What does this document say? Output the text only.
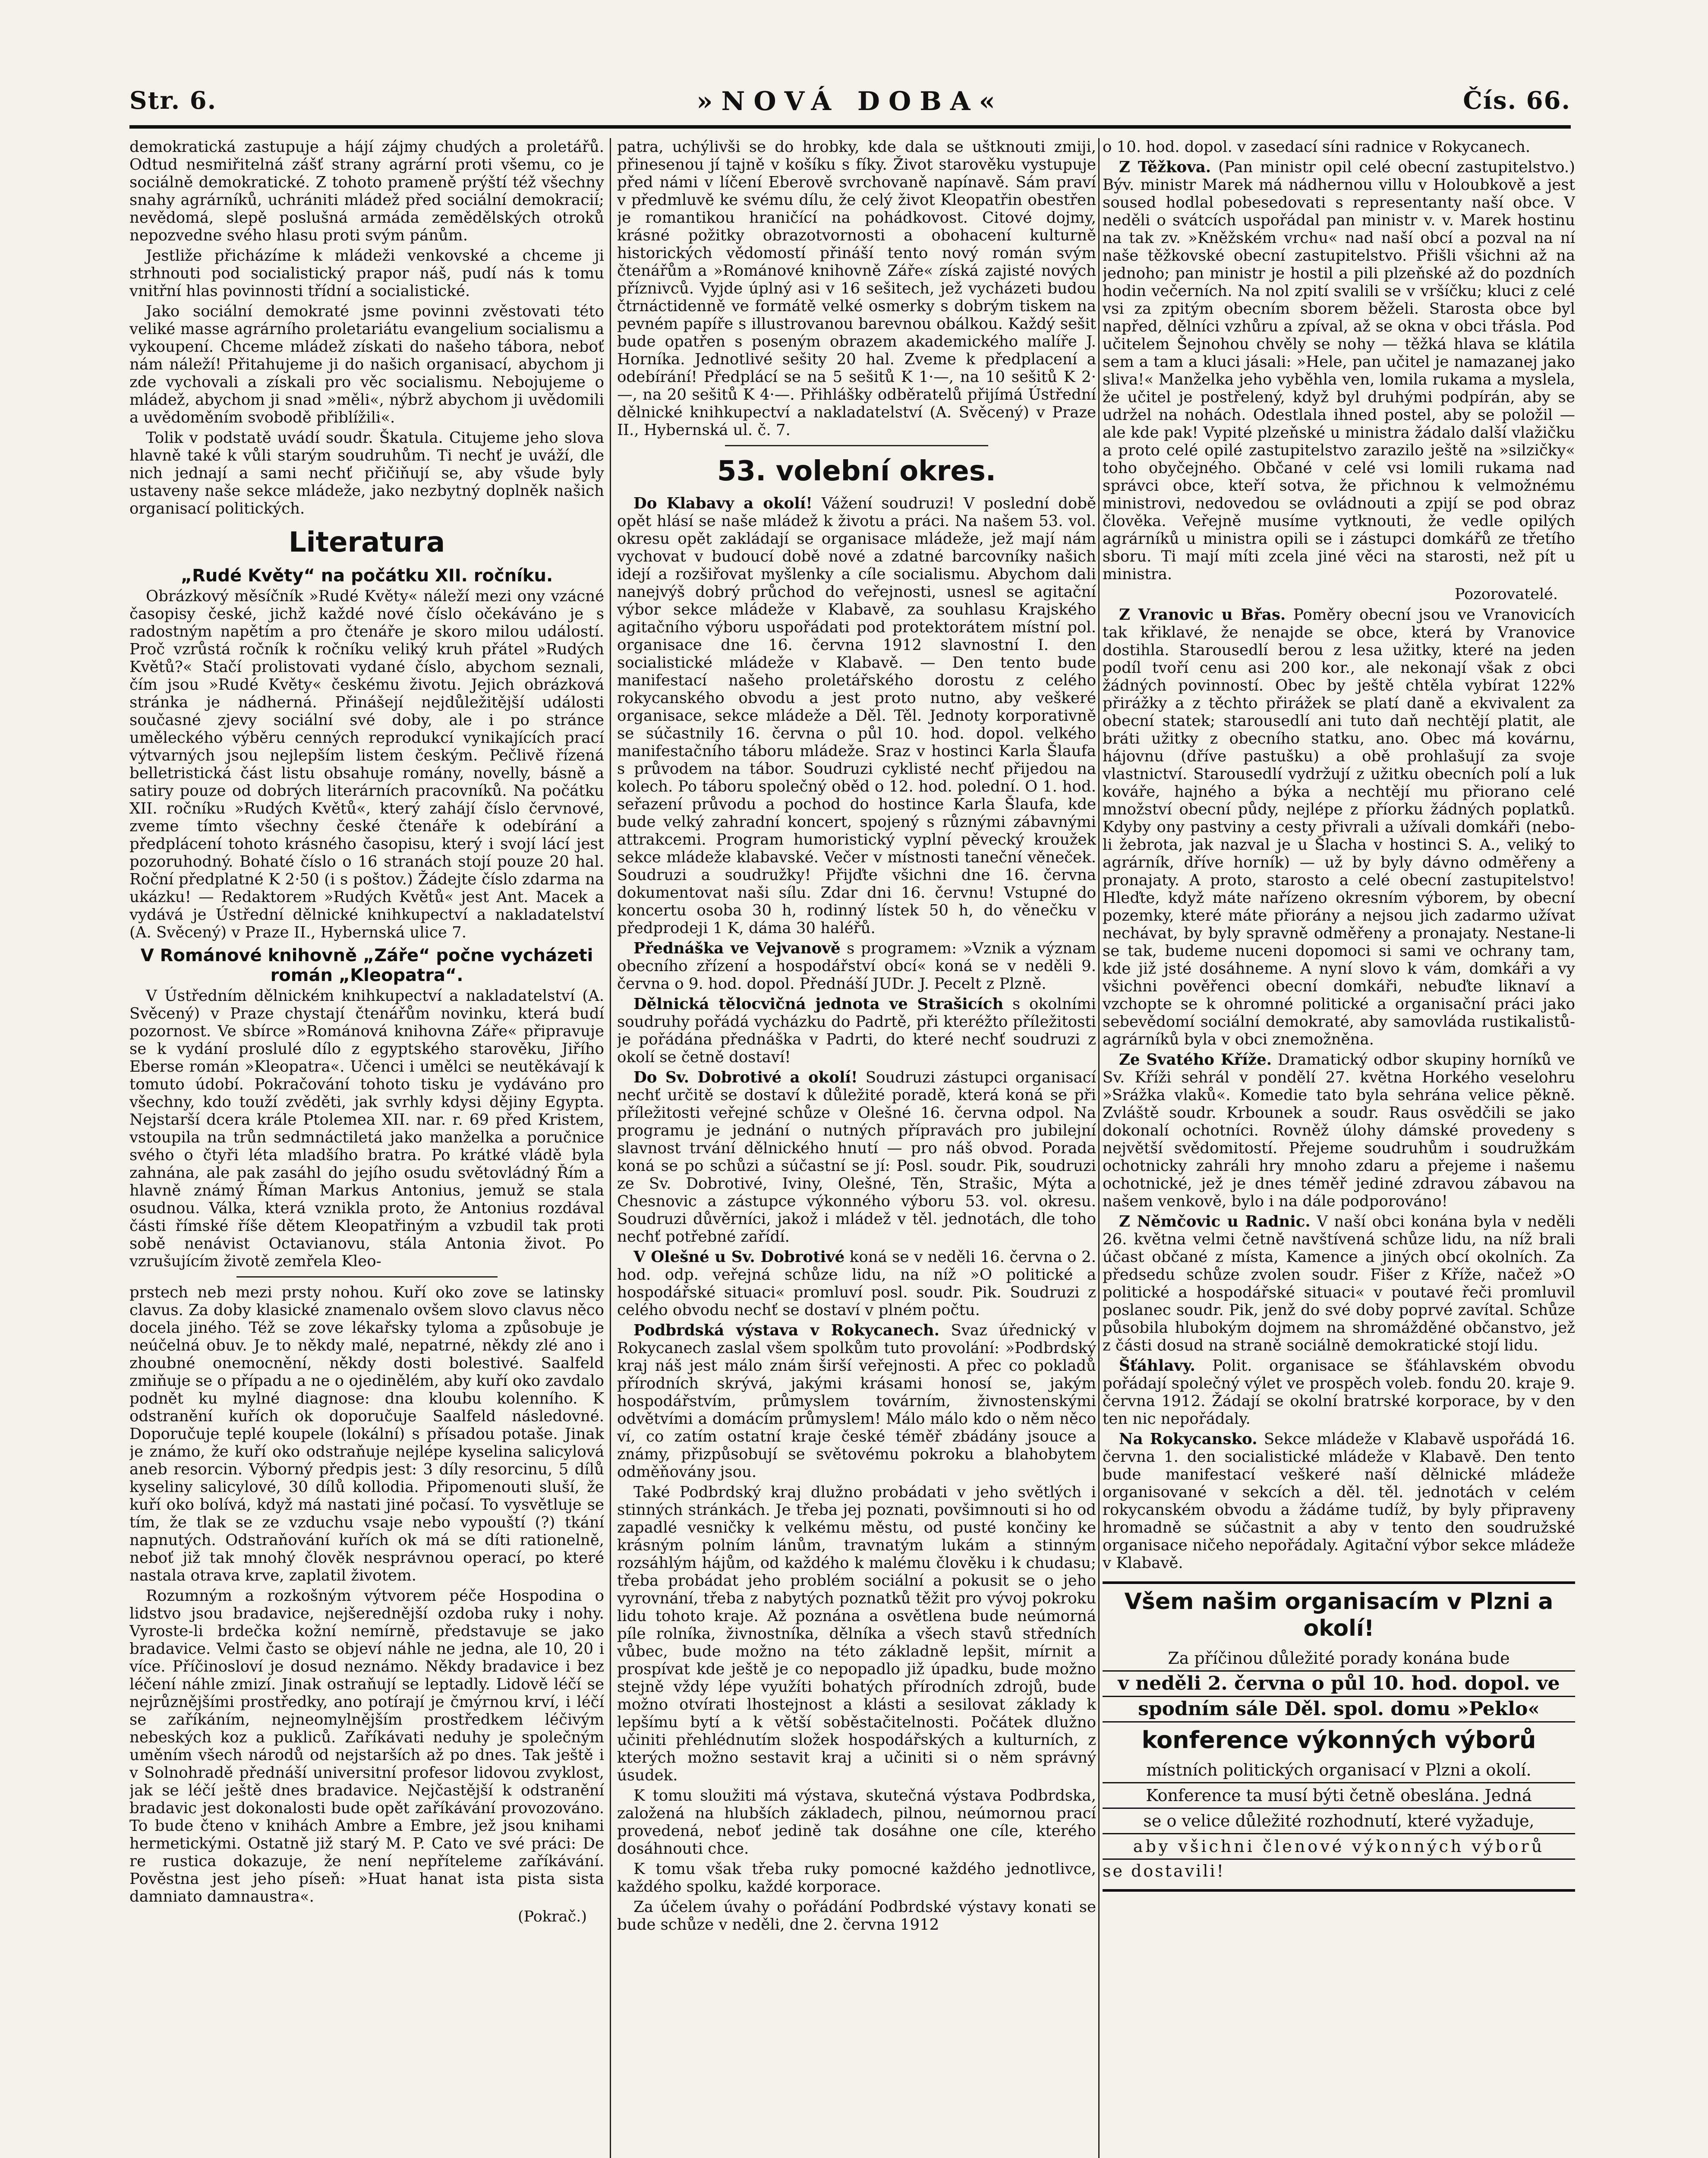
Str. 6.	»NOVÁ DOBA«	Čís. 66.

demokratická zastupuje a hájí zájmy chudých a proletářů. Odtud nesmiřitelná zášť strany agrární proti všemu, co je sociálně demokratické. Z tohoto prameně prýští též všechny snahy agrárníků, uchrániti mládež před sociální demokracií; nevědomá, slepě poslušná armáda zemědělských otroků nepozvedne svého hlasu proti svým pánům.

Jestliže přicházíme k mládeži venkovské a chceme ji strhnouti pod socialistický prapor náš, pudí nás k tomu vnitřní hlas povinnosti třídní a socialistické.

Jako sociální demokraté jsme povinni zvěstovati této veliké masse agrárního proletariátu evangelium socialismu a vykoupení. Chceme mládež získati do našeho tábora, neboť nám náleží! Přitahujeme ji do našich organisací, abychom ji zde vychovali a získali pro věc socialismu. Nebojujeme o mládež, abychom ji snad »měli«, nýbrž abychom ji uvědomili a uvědoměním svobodě přiblížili«.

Tolik v podstatě uvádí soudr. Škatula. Citujeme jeho slova hlavně také k vůli starým soudruhům. Ti nechť je uváží, dle nich jednají a sami nechť přičiňují se, aby všude byly ustaveny naše sekce mládeže, jako nezbytný doplněk našich organisací politických.

Literatura
„Rudé Květy“ na počátku XII. ročníku.

Obrázkový měsíčník »Rudé Květy« náleží mezi ony vzácné časopisy české, jichž každé nové číslo očekáváno je s radostným napětím a pro čtenáře je skoro milou událostí. Proč vzrůstá ročník k ročníku veliký kruh přátel »Rudých Květů?« Stačí prolistovati vydané číslo, abychom seznali, čím jsou »Rudé Květy« českému životu. Jejich obrázková stránka je nádherná. Přinášejí nejdůležitější události současné zjevy sociální své doby, ale i po stránce uměleckého výběru cenných reprodukcí vynikajících prací výtvarných jsou nejlepším listem českým. Pečlivě řízená belletristická část listu obsahuje romány, novelly, básně a satiry pouze od dobrých literárních pracovníků. Na počátku XII. ročníku »Rudých Květů«, který zahájí číslo červnové, zveme tímto všechny české čtenáře k odebírání a předplácení tohoto krásného časopisu, který i svojí lácí jest pozoruhodný. Bohaté číslo o 16 stranách stojí pouze 20 hal. Roční předplatné K 2·50 (i s poštov.) Žádejte číslo zdarma na ukázku! — Redaktorem »Rudých Květů« jest Ant. Macek a vydává je Ústřední dělnické knihkupectví a nakladatelství (A. Svěcený) v Praze II., Hybernská ulice 7.

V Románové knihovně „Záře“ počne vycházeti román „Kleopatra“.

V Ústředním dělnickém knihkupectví a nakladatelství (A. Svěcený) v Praze chystají čtenářům novinku, která budí pozornost. Ve sbírce »Románová knihovna Záře« připravuje se k vydání proslulé dílo z egyptského starověku, Jiřího Eberse román »Kleopatra«. Učenci i umělci se neutěkávají k tomuto údobí. Pokračování tohoto tisku je vydáváno pro všechny, kdo touží zvěděti, jak svrhly kdysi dějiny Egypta. Nejstarší dcera krále Ptolemea XII. nar. r. 69 před Kristem, vstoupila na trůn sedmnáctiletá jako manželka a poručnice svého o čtyři léta mladšího bratra. Po krátké vládě byla zahnána, ale pak zasáhl do jejího osudu světovládný Řím a hlavně známý Říman Markus Antonius, jemuž se stala osudnou. Válka, která vznikla proto, že Antonius rozdával části římské říše dětem Kleopatřiným a vzbudil tak proti sobě nenávist Octavianovu, stála Antonia život. Po vzrušujícím životě zemřela Kleo-

prstech neb mezi prsty nohou. Kuří oko zove se latinsky clavus. Za doby klasické znamenalo ovšem slovo clavus něco docela jiného. Též se zove lékařsky tyloma a způsobuje je neúčelná obuv. Je to někdy malé, nepatrné, někdy zlé ano i zhoubné onemocnění, někdy dosti bolestivé. Saalfeld zmiňuje se o případu a ne o ojedinělém, aby kuří oko zavdalo podnět ku mylné diagnose: dna kloubu kolenního. K odstranění kuřích ok doporučuje Saalfeld následovné. Doporučuje teplé koupele (lokální) s přísadou potaše. Jinak je známo, že kuří oko odstraňuje nejlépe kyselina salicylová aneb resorcin. Výborný předpis jest: 3 díly resorcinu, 5 dílů kyseliny salicylové, 30 dílů kollodia. Připomenouti sluší, že kuří oko bolívá, když má nastati jiné počasí. To vysvětluje se tím, že tlak se ze vzduchu vsaje nebo vypouští (?) tkání napnutých. Odstraňování kuřích ok má se díti rationelně, neboť již tak mnohý člověk nesprávnou operací, po které nastala otrava krve, zaplatil životem.

Rozumným a rozkošným výtvorem péče Hospodina o lidstvo jsou bradavice, nejšerednější ozdoba ruky i nohy. Vyroste-li brdečka kožní nemírně, představuje se jako bradavice. Velmi často se objeví náhle ne jedna, ale 10, 20 i více. Příčinosloví je dosud neznámo. Někdy bradavice i bez léčení náhle zmizí. Jinak ostraňují se leptadly. Lidově léčí se nejrůznějšími prostředky, ano potírají je čmýrnou krví, i léčí se zaříkáním, nejneomylnějším prostředkem léčivým nebeských koz a pukliců. Zaříkávati neduhy je společným uměním všech národů od nejstarších až po dnes. Tak ještě i v Solnohradě přednáší universitní profesor lidovou zvyklost, jak se léčí ještě dnes bradavice. Nejčastější k odstranění bradavic jest dokonalosti bude opět zaříkávání provozováno. To bude čteno v knihách Ambre a Embre, jež jsou knihami hermetickými. Ostatně již starý M. P. Cato ve své práci: De re rustica dokazuje, že není nepříteleme zaříkávání. Pověstna jest jeho píseň: »Huat hanat ista pista sista damniato damnaustra«.

(Pokrač.)

patra, uchýlivši se do hrobky, kde dala se uštknouti zmiji, přinesenou jí tajně v košíku s fíky. Život starověku vystupuje před námi v líčení Eberově svrchovaně napínavě. Sám praví v předmluvě ke svému dílu, že celý život Kleopatřin obestřen je romantikou hraničící na pohádkovost. Citové dojmy, krásné požitky obrazotvornosti a obohacení kulturně historických vědomostí přináší tento nový román svým čtenářům a »Románové knihovně Záře« získá zajisté nových příznivců. Vyjde úplný asi v 16 sešitech, jež vycházeti budou čtrnáctidenně ve formátě velké osmerky s dobrým tiskem na pevném papíře s illustrovanou barevnou obálkou. Každý sešit bude opatřen s poseným obrazem akademického malíře J. Horníka. Jednotlivé sešity 20 hal. Zveme k předplacení a odebírání! Předplácí se na 5 sešitů K 1·—, na 10 sešitů K 2·—, na 20 sešitů K 4·—. Přihlášky odběratelů přijímá Ústřední dělnické knihkupectví a nakladatelství (A. Svěcený) v Praze II., Hybernská ul. č. 7.

53. volební okres.

Do Klabavy a okolí! Vážení soudruzi! V poslední době opět hlásí se naše mládež k životu a práci. Na našem 53. vol. okresu opět zakládají se organisace mládeže, jež mají nám vychovat v budoucí době nové a zdatné barcovníky našich idejí a rozšiřovat myšlenky a cíle socialismu. Abychom dali nanejvýš dobrý průchod do veřejnosti, usnesl se agitační výbor sekce mládeže v Klabavě, za souhlasu Krajského agitačního výboru uspořádati pod protektorátem místní pol. organisace dne 16. června 1912 slavnostní I. den socialistické mládeže v Klabavě. — Den tento bude manifestací našeho proletářského dorostu z celého rokycanského obvodu a jest proto nutno, aby veškeré organisace, sekce mládeže a Děl. Těl. Jednoty korporativně se súčastnily 16. června o půl 10. hod. dopol. velkého manifestačního táboru mládeže. Sraz v hostinci Karla Šlaufa s průvodem na tábor. Soudruzi cyklisté nechť přijedou na kolech. Po táboru společný oběd o 12. hod. polední. O 1. hod. seřazení průvodu a pochod do hostince Karla Šlaufa, kde bude velký zahradní koncert, spojený s různými zábavnými attrakcemi. Program humoristický vyplní pěvecký kroužek sekce mládeže klabavské. Večer v místnosti taneční věneček. Soudruzi a soudružky! Přijďte všichni dne 16. června dokumentovat naši sílu. Zdar dni 16. červnu! Vstupné do koncertu osoba 30 h, rodinný lístek 50 h, do věnečku v předprodeji 1 K, dáma 30 haléřů.

Přednáška ve Vejvanově s programem: »Vznik a význam obecního zřízení a hospodářství obcí« koná se v neděli 9. června o 9. hod. dopol. Přednáší JUDr. J. Pecelt z Plzně.

Dělnická tělocvičná jednota ve Strašicích s okolními soudruhy pořádá vycházku do Padrtě, při kteréžto příležitosti je pořádána přednáška v Padrti, do které nechť soudruzi z okolí se četně dostaví!

Do Sv. Dobrotivé a okolí! Soudruzi zástupci organisací nechť určitě se dostaví k důležité poradě, která koná se při příležitosti veřejné schůze v Olešné 16. června odpol. Na programu je jednání o nutných přípravách pro jubilejní slavnost trvání dělnického hnutí — pro náš obvod. Porada koná se po schůzi a súčastní se jí: Posl. soudr. Pik, soudruzi ze Sv. Dobrotivé, Iviny, Olešné, Těn, Strašic, Mýta a Chesnovic a zástupce výkonného výboru 53. vol. okresu. Soudruzi důvěrníci, jakož i mládež v těl. jednotách, dle toho nechť potřebné zařídí.

V Olešné u Sv. Dobrotivé koná se v neděli 16. června o 2. hod. odp. veřejná schůze lidu, na níž »O politické a hospodářské situaci« promluví posl. soudr. Pik. Soudruzi z celého obvodu nechť se dostaví v plném počtu.

Podbrdská výstava v Rokycanech. Svaz úřednický v Rokycanech zaslal všem spolkům tuto provolání: »Podbrdský kraj náš jest málo znám širší veřejnosti. A přec co pokladů přírodních skrývá, jakými krásami honosí se, jakým hospodářstvím, průmyslem továrním, živnostenskými odvětvími a domácím průmyslem! Málo málo kdo o něm něco ví, co zatím ostatní kraje české téměř zbádány jsouce a známy, přizpůsobují se světovému pokroku a blahobytem odměňovány jsou.

Také Podbrdský kraj dlužno probádati v jeho světlých i stinných stránkách. Je třeba jej poznati, povšimnouti si ho od zapadlé vesničky k velkému městu, od pusté končiny ke krásným polním lánům, travnatým lukám a stinným rozsáhlým hájům, od každého k malému člověku i k chudasu; třeba probádat jeho problém sociální a pokusit se o jeho vyrovnání, třeba z nabytých poznatků těžit pro vývoj pokroku lidu tohoto kraje. Až poznána a osvětlena bude neúmorná píle rolníka, živnostníka, dělníka a všech stavů středních vůbec, bude možno na této základně lepšit, mírnit a prospívat kde ještě je co nepopadlo již úpadku, bude možno stejně vždy lépe využíti bohatých přírodních zdrojů, bude možno otvírati lhostejnost a klásti a sesilovat základy k lepšímu bytí a k větší soběstačitelnosti. Počátek dlužno učiniti přehlédnutím složek hospodářských a kulturních, z kterých možno sestavit kraj a učiniti si o něm správný úsudek.

K tomu sloužiti má výstava, skutečná výstava Podbrdska, založená na hlubších základech, pilnou, neúmornou prací provedená, neboť jedině tak dosáhne one cíle, kterého dosáhnouti chce.

K tomu však třeba ruky pomocné každého jednotlivce, každého spolku, každé korporace.

Za účelem úvahy o pořádání Podbrdské výstavy konati se bude schůze v neděli, dne 2. června 1912

o 10. hod. dopol. v zasedací síni radnice v Rokycanech.

Z Těžkova. (Pan ministr opil celé obecní zastupitelstvo.) Býv. ministr Marek má nádhernou villu v Holoubkově a jest soused hodlal pobesedovati s representanty naší obce. V neděli o svátcích uspořádal pan ministr v. v. Marek hostinu na tak zv. »Kněžském vrchu« nad naší obcí a pozval na ní naše těžkovské obecní zastupitelstvo. Přišli všichni až na jednoho; pan ministr je hostil a pili plzeňské až do pozdních hodin večerních. Na nol zpití svalili se v vršíčku; kluci z celé vsi za zpitým obecním sborem běželi. Starosta obce byl napřed, dělníci vzhůru a zpíval, až se okna v obci třásla. Pod učitelem Šejnohou chvěly se nohy — těžká hlava se klátila sem a tam a kluci jásali: »Hele, pan učitel je namazanej jako sliva!« Manželka jeho vyběhla ven, lomila rukama a myslela, že učitel je postřelený, když byl druhými podpírán, aby se udržel na nohách. Odestlala ihned postel, aby se položil — ale kde pak! Vypité plzeňské u ministra žádalo další vlažičku a proto celé opilé zastupitelstvo zarazilo ještě na »silzičky« toho obyčejného. Občané v celé vsi lomili rukama nad správci obce, kteří sotva, že přichnou k velmožnému ministrovi, nedovedou se ovládnouti a zpijí se pod obraz člověka. Veřejně musíme vytknouti, že vedle opilých agrárníků u ministra opili se i zástupci domkářů ze třetího sboru. Ti mají míti zcela jiné věci na starosti, než pít u ministra.

Pozorovatelé.

Z Vranovic u Břas. Poměry obecní jsou ve Vranovicích tak křiklavé, že nenajde se obce, která by Vranovice dostihla. Starousedlí berou z lesa užitky, které na jeden podíl tvoří cenu asi 200 kor., ale nekonají však z obci žádných povinností. Obec by ještě chtěla vybírat 122% přirážky a z těchto přirážek se platí daně a ekvivalent za obecní statek; starousedlí ani tuto daň nechtějí platit, ale bráti užitky z obecního statku, ano. Obec má kovárnu, hájovnu (dříve pastušku) a obě prohlašují za svoje vlastnictví. Starousedlí vydržují z užitku obecních polí a luk kováře, hajného a býka a nechtějí mu přiorano celé množství obecní půdy, nejlépe z příorku žádných poplatků. Kdyby ony pastviny a cesty přivrali a užívali domkáři (nebo-li žebrota, jak nazval je u Šlacha v hostinci S. A., veliký to agrárník, dříve horník) — už by byly dávno odměřeny a pronajaty. A proto, starosto a celé obecní zastupitelstvo! Hleďte, když máte nařízeno okresním výborem, by obecní pozemky, které máte přiorány a nejsou jich zadarmo užívat nechávat, by byly spravně odměřeny a pronajaty. Nestane-li se tak, budeme nuceni dopomoci si sami ve ochrany tam, kde již jsté dosáhneme. A nyní slovo k vám, domkáři a vy všichni pověřenci obecní domkáři, nebuďte liknaví a vzchopte se k ohromné politické a organisační práci jako sebevědomí sociální demokraté, aby samovláda rustikalistů-agrárníků byla v obci znemožněna.

Ze Svatého Kříže. Dramatický odbor skupiny horníků ve Sv. Kříži sehrál v pondělí 27. května Horkého veselohru »Srážka vlaků«. Komedie tato byla sehrána velice pěkně. Zvláště soudr. Krbounek a soudr. Raus osvědčili se jako dokonalí ochotníci. Rovněž úlohy dámské provedeny s největší svědomitostí. Přejeme soudruhům i soudružkám ochotnicky zahráli hry mnoho zdaru a přejeme i našemu ochotnické, jež je dnes téměř jediné zdravou zábavou na našem venkově, bylo i na dále podporováno!

Z Němčovic u Radnic. V naší obci konána byla v neděli 26. května velmi četně navštívená schůze lidu, na níž brali účast občané z místa, Kamence a jiných obcí okolních. Za předsedu schůze zvolen soudr. Fišer z Kříže, načež »O politické a hospodářské situaci« v poutavé řeči promluvil poslanec soudr. Pik, jenž do své doby poprvé zavítal. Schůze působila hlubokým dojmem na shromážděné občanstvo, jež z části dosud na straně sociálně demokratické stojí lidu.

Šťáhlavy. Polit. organisace se šťáhlavském obvodu pořádají společný výlet ve prospěch voleb. fondu 20. kraje 9. června 1912. Žádají se okolní bratrské korporace, by v den ten nic nepořádaly.

Na Rokycansko. Sekce mládeže v Klabavě uspořádá 16. června 1. den socialistické mládeže v Klabavě. Den tento bude manifestací veškeré naší dělnické mládeže organisované v sekcích a děl. těl. jednotách v celém rokycanském obvodu a žádáme tudíž, by byly připraveny hromadně se súčastnit a aby v tento den soudružské organisace ničeho nepořádaly. Agitační výbor sekce mládeže v Klabavě.

Všem našim organisacím v Plzni a okolí!

Za příčinou důležité porady konána bude

v neděli 2. června o půl 10. hod. dopol. ve

spodním sále Děl. spol. domu »Peklo«

konference výkonných výborů

místních politických organisací v Plzni a okolí.

Konference ta musí býti četně obeslána. Jedná

se o velice důležité rozhodnutí, které vyžaduje,

aby všichni členové výkonných výborů

se dostavili!
